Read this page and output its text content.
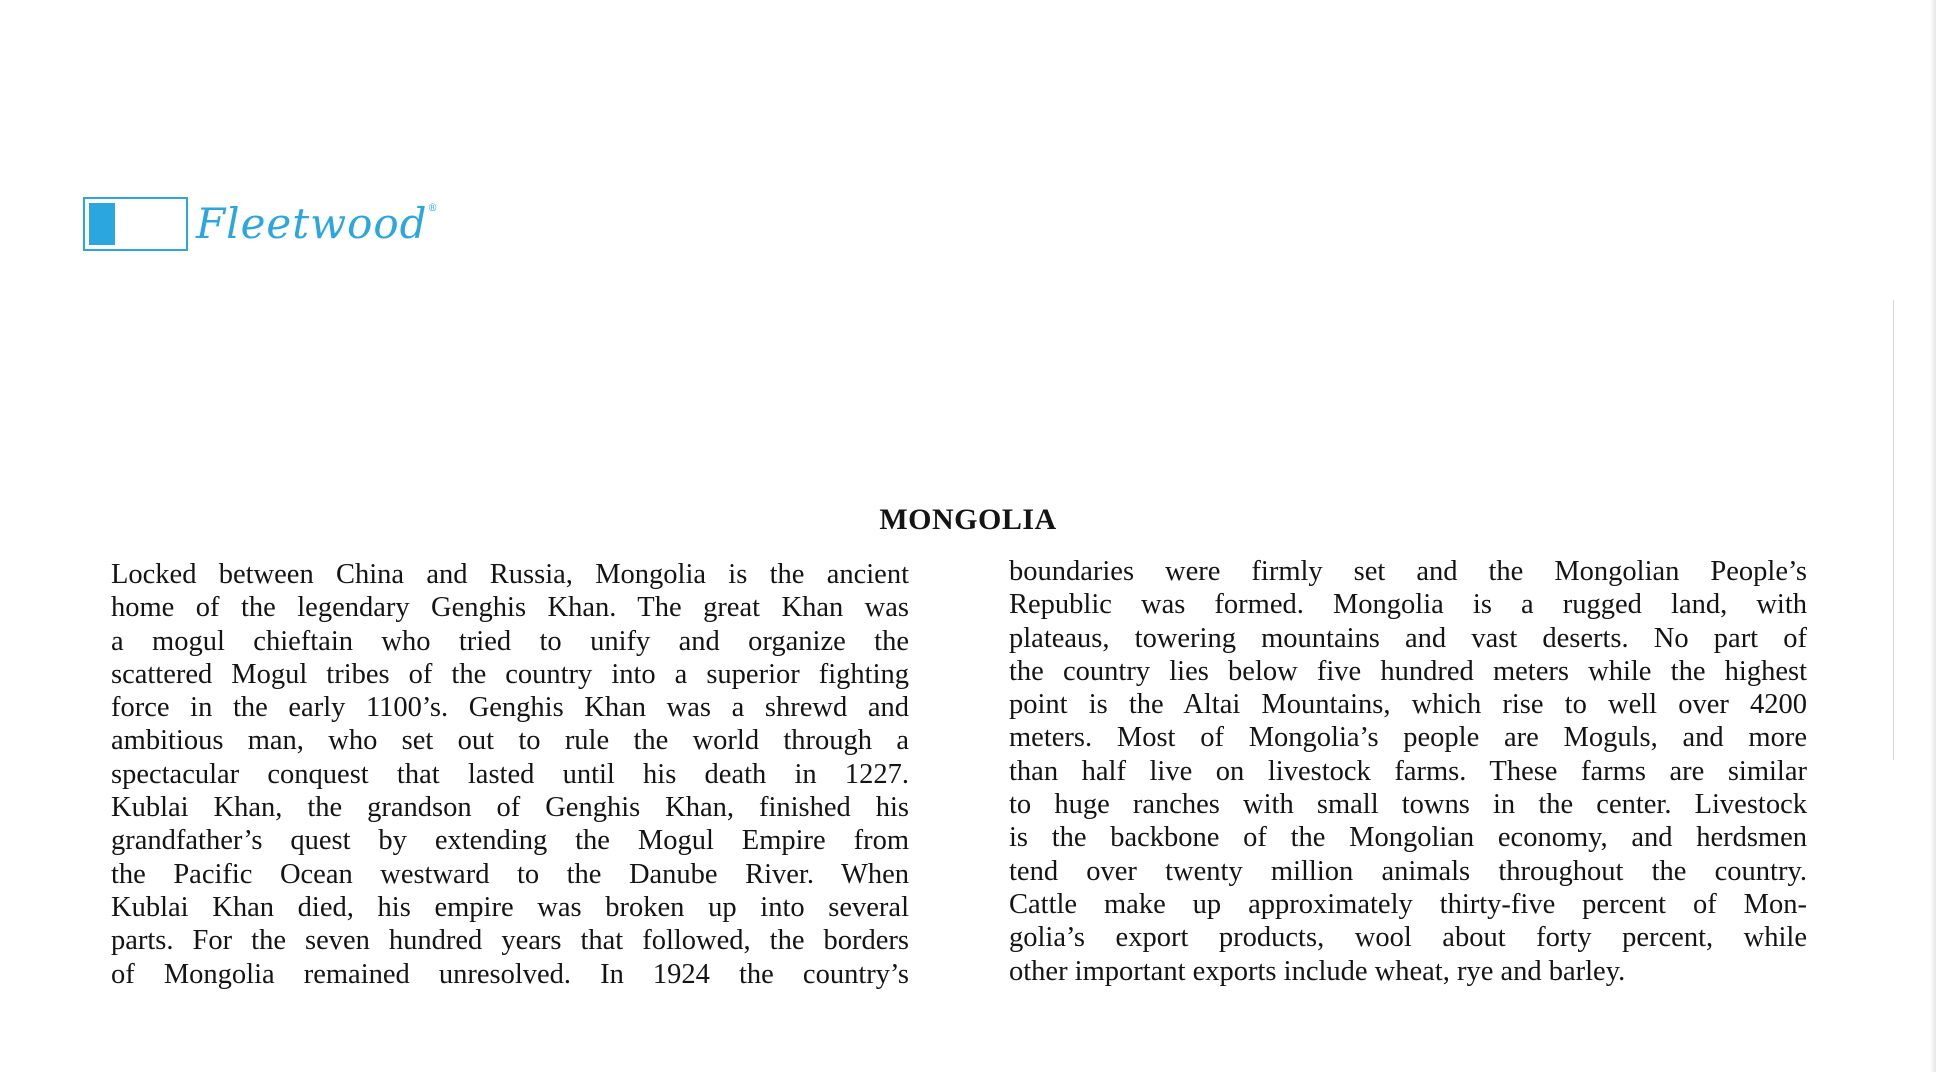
Fleetwood®
MONGOLIA
Locked between China and Russia, Mongolia is the ancient
home of the legendary Genghis Khan. The great Khan was
a mogul chieftain who tried to unify and organize the
scattered Mogul tribes of the country into a superior fighting
force in the early 1100’s. Genghis Khan was a shrewd and
ambitious man, who set out to rule the world through a
spectacular conquest that lasted until his death in 1227.
Kublai Khan, the grandson of Genghis Khan, finished his
grandfather’s quest by extending the Mogul Empire from
the Pacific Ocean westward to the Danube River. When
Kublai Khan died, his empire was broken up into several
parts. For the seven hundred years that followed, the borders
of Mongolia remained unresolved. In 1924 the country’s
boundaries were firmly set and the Mongolian People’s
Republic was formed. Mongolia is a rugged land, with
plateaus, towering mountains and vast deserts. No part of
the country lies below five hundred meters while the highest
point is the Altai Mountains, which rise to well over 4200
meters. Most of Mongolia’s people are Moguls, and more
than half live on livestock farms. These farms are similar
to huge ranches with small towns in the center. Livestock
is the backbone of the Mongolian economy, and herdsmen
tend over twenty million animals throughout the country.
Cattle make up approximately thirty-five percent of Mon-
golia’s export products, wool about forty percent, while
other important exports include wheat, rye and barley.
